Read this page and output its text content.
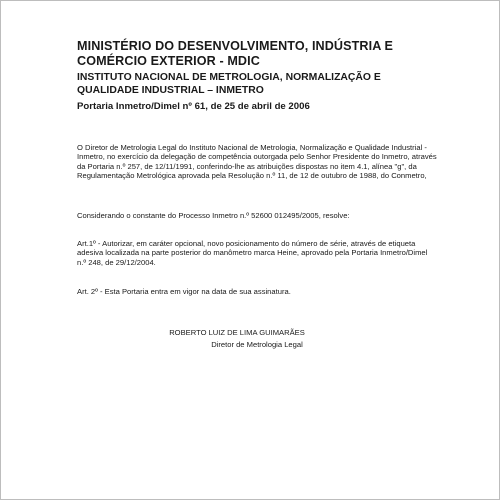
MINISTÉRIO DO DESENVOLVIMENTO, INDÚSTRIA E COMÉRCIO EXTERIOR - MDIC
INSTITUTO NACIONAL DE METROLOGIA, NORMALIZAÇÃO E QUALIDADE INDUSTRIAL – INMETRO
Portaria Inmetro/Dimel nº 61, de 25 de abril de 2006

O Diretor de Metrologia Legal do Instituto Nacional de Metrologia, Normalização e Qualidade Industrial - Inmetro, no exercício da delegação de competência outorgada pelo Senhor Presidente do Inmetro, através da Portaria n.º 257, de 12/11/1991, conferindo-lhe as atribuições dispostas no item 4.1, alínea "g", da Regulamentação Metrológica aprovada pela Resolução n.º 11, de 12 de outubro de 1988, do Conmetro,

Considerando o constante do Processo Inmetro n.º 52600 012495/2005, resolve:

Art.1º - Autorizar, em caráter opcional, novo posicionamento do número de série, através de etiqueta adesiva localizada na parte posterior do manômetro marca Heine, aprovado pela Portaria Inmetro/Dimel n.º 248, de 29/12/2004.

Art. 2º - Esta Portaria entra em vigor na data de sua assinatura.

ROBERTO LUIZ DE LIMA GUIMARÃES
Diretor de Metrologia Legal
